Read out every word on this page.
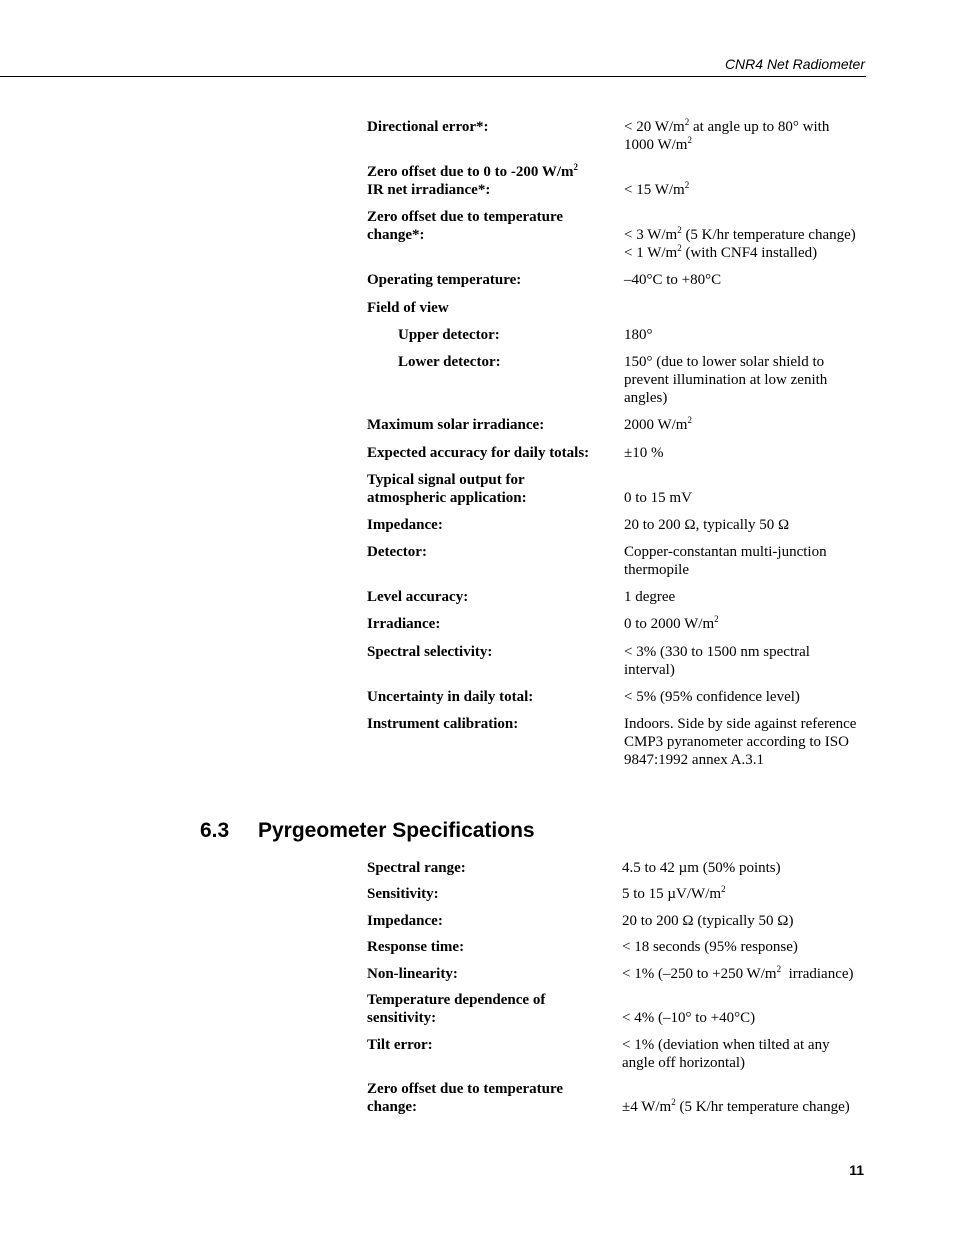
CNR4 Net Radiometer
Directional error*:	< 20 $W/m^2$ at angle up to 80° with
1000 $W/m^2$
Zero offset due to 0 to -200 $W/m^2$
IR net irradiance*:	< 15 $W/m^2$
Zero offset due to temperature
change*:	< 3 $W/m^2$ (5 K/hr temperature change)
< 1 $W/m^2$ (with CNF4 installed)
Operating temperature:	–40°C to +80°C
Field of view
Upper detector:	180°
Lower detector:	150° (due to lower solar shield to
prevent illumination at low zenith
angles)
Maximum solar irradiance:	2000 $W/m^2$
Expected accuracy for daily totals:	±10 %
Typical signal output for
atmospheric application:	0 to 15 mV
Impedance:	20 to 200 Ω, typically 50 Ω
Detector:	Copper-constantan multi-junction
thermopile
Level accuracy:	1 degree
Irradiance:	0 to 2000 $W/m^2$
Spectral selectivity:	< 3% (330 to 1500 nm spectral
interval)
Uncertainty in daily total:	< 5% (95% confidence level)
Instrument calibration:	Indoors. Side by side against reference
CMP3 pyranometer according to ISO
9847:1992 annex A.3.1
6.3 Pyrgeometer Specifications
Spectral range:	4.5 to 42 µm (50% points)
Sensitivity:	5 to 15 $\mu V/W/m^2$
Impedance:	20 to 200 Ω (typically 50 Ω)
Response time:	< 18 seconds (95% response)
Non-linearity:	< 1% (–250 to +250 $W/m^2$  irradiance)
Temperature dependence of
sensitivity:	< 4% (–10° to +40°C)
Tilt error:	< 1% (deviation when tilted at any
angle off horizontal)
Zero offset due to temperature
change:	±4 $W/m^2$ (5 K/hr temperature change)
11
